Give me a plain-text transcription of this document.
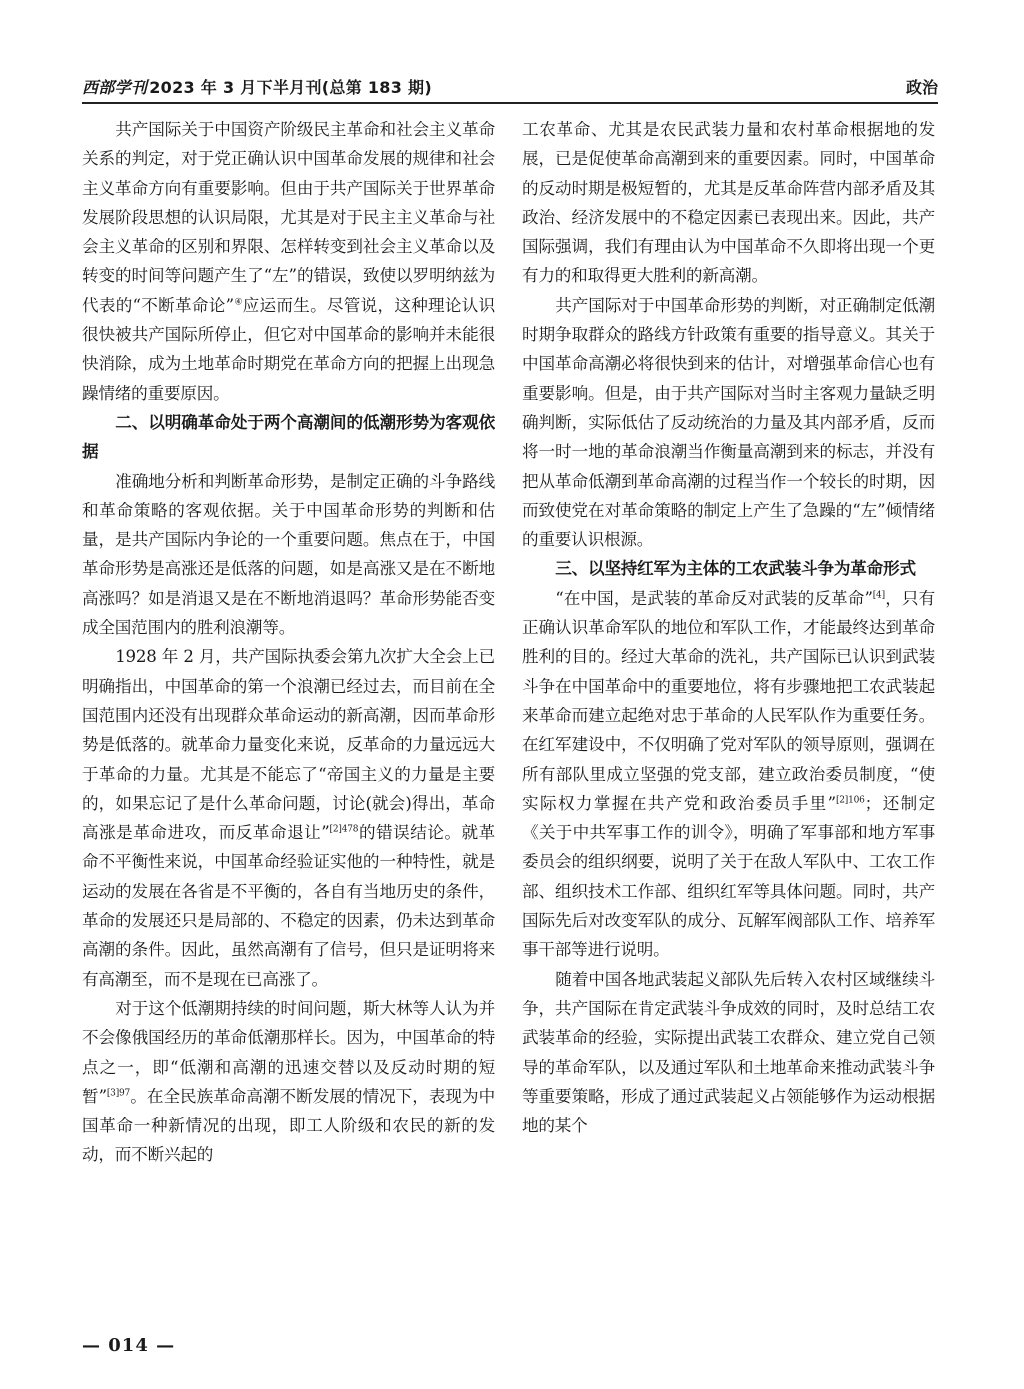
西部学刊 2023 年 3 月下半月刊(总第 183 期)	政治

共产国际关于中国资产阶级民主革命和社会主义革命关系的判定，对于党正确认识中国革命发展的规律和社会主义革命方向有重要影响。但由于共产国际关于世界革命发展阶段思想的认识局限，尤其是对于民主主义革命与社会主义革命的区别和界限、怎样转变到社会主义革命以及转变的时间等问题产生了“左”的错误，致使以罗明纳兹为代表的“不断革命论”④应运而生。尽管说，这种理论认识很快被共产国际所停止，但它对中国革命的影响并未能很快消除，成为土地革命时期党在革命方向的把握上出现急躁情绪的重要原因。

二、以明确革命处于两个高潮间的低潮形势为客观依据

准确地分析和判断革命形势，是制定正确的斗争路线和革命策略的客观依据。关于中国革命形势的判断和估量，是共产国际内争论的一个重要问题。焦点在于，中国革命形势是高涨还是低落的问题，如是高涨又是在不断地高涨吗？如是消退又是在不断地消退吗？革命形势能否变成全国范围内的胜利浪潮等。

1928 年 2 月，共产国际执委会第九次扩大全会上已明确指出，中国革命的第一个浪潮已经过去，而目前在全国范围内还没有出现群众革命运动的新高潮，因而革命形势是低落的。就革命力量变化来说，反革命的力量远远大于革命的力量。尤其是不能忘了“帝国主义的力量是主要的，如果忘记了是什么革命问题，讨论(就会)得出，革命高涨是革命进攻，而反革命退让”$^{[2]478}$的错误结论。就革命不平衡性来说，中国革命经验证实他的一种特性，就是运动的发展在各省是不平衡的，各自有当地历史的条件，革命的发展还只是局部的、不稳定的因素，仍未达到革命高潮的条件。因此，虽然高潮有了信号，但只是证明将来有高潮至，而不是现在已高涨了。

对于这个低潮期持续的时间问题，斯大林等人认为并不会像俄国经历的革命低潮那样长。因为，中国革命的特点之一，即“低潮和高潮的迅速交替以及反动时期的短暂”$^{[3]97}$。在全民族革命高潮不断发展的情况下，表现为中国革命一种新情况的出现，即工人阶级和农民的新的发动，而不断兴起的

工农革命、尤其是农民武装力量和农村革命根据地的发展，已是促使革命高潮到来的重要因素。同时，中国革命的反动时期是极短暂的，尤其是反革命阵营内部矛盾及其政治、经济发展中的不稳定因素已表现出来。因此，共产国际强调，我们有理由认为中国革命不久即将出现一个更有力的和取得更大胜利的新高潮。

共产国际对于中国革命形势的判断，对正确制定低潮时期争取群众的路线方针政策有重要的指导意义。其关于中国革命高潮必将很快到来的估计，对增强革命信心也有重要影响。但是，由于共产国际对当时主客观力量缺乏明确判断，实际低估了反动统治的力量及其内部矛盾，反而将一时一地的革命浪潮当作衡量高潮到来的标志，并没有把从革命低潮到革命高潮的过程当作一个较长的时期，因而致使党在对革命策略的制定上产生了急躁的“左”倾情绪的重要认识根源。

三、以坚持红军为主体的工农武装斗争为革命形式

“在中国，是武装的革命反对武装的反革命”[4]，只有正确认识革命军队的地位和军队工作，才能最终达到革命胜利的目的。经过大革命的洗礼，共产国际已认识到武装斗争在中国革命中的重要地位，将有步骤地把工农武装起来革命而建立起绝对忠于革命的人民军队作为重要任务。在红军建设中，不仅明确了党对军队的领导原则，强调在所有部队里成立坚强的党支部，建立政治委员制度，“使实际权力掌握在共产党和政治委员手里”$^{[2]106}$；还制定《关于中共军事工作的训令》，明确了军事部和地方军事委员会的组织纲要，说明了关于在敌人军队中、工农工作部、组织技术工作部、组织红军等具体问题。同时，共产国际先后对改变军队的成分、瓦解军阀部队工作、培养军事干部等进行说明。

随着中国各地武装起义部队先后转入农村区域继续斗争，共产国际在肯定武装斗争成效的同时，及时总结工农武装革命的经验，实际提出武装工农群众、建立党自己领导的革命军队，以及通过军队和土地革命来推动武装斗争等重要策略，形成了通过武装起义占领能够作为运动根据地的某个

— 014 —
